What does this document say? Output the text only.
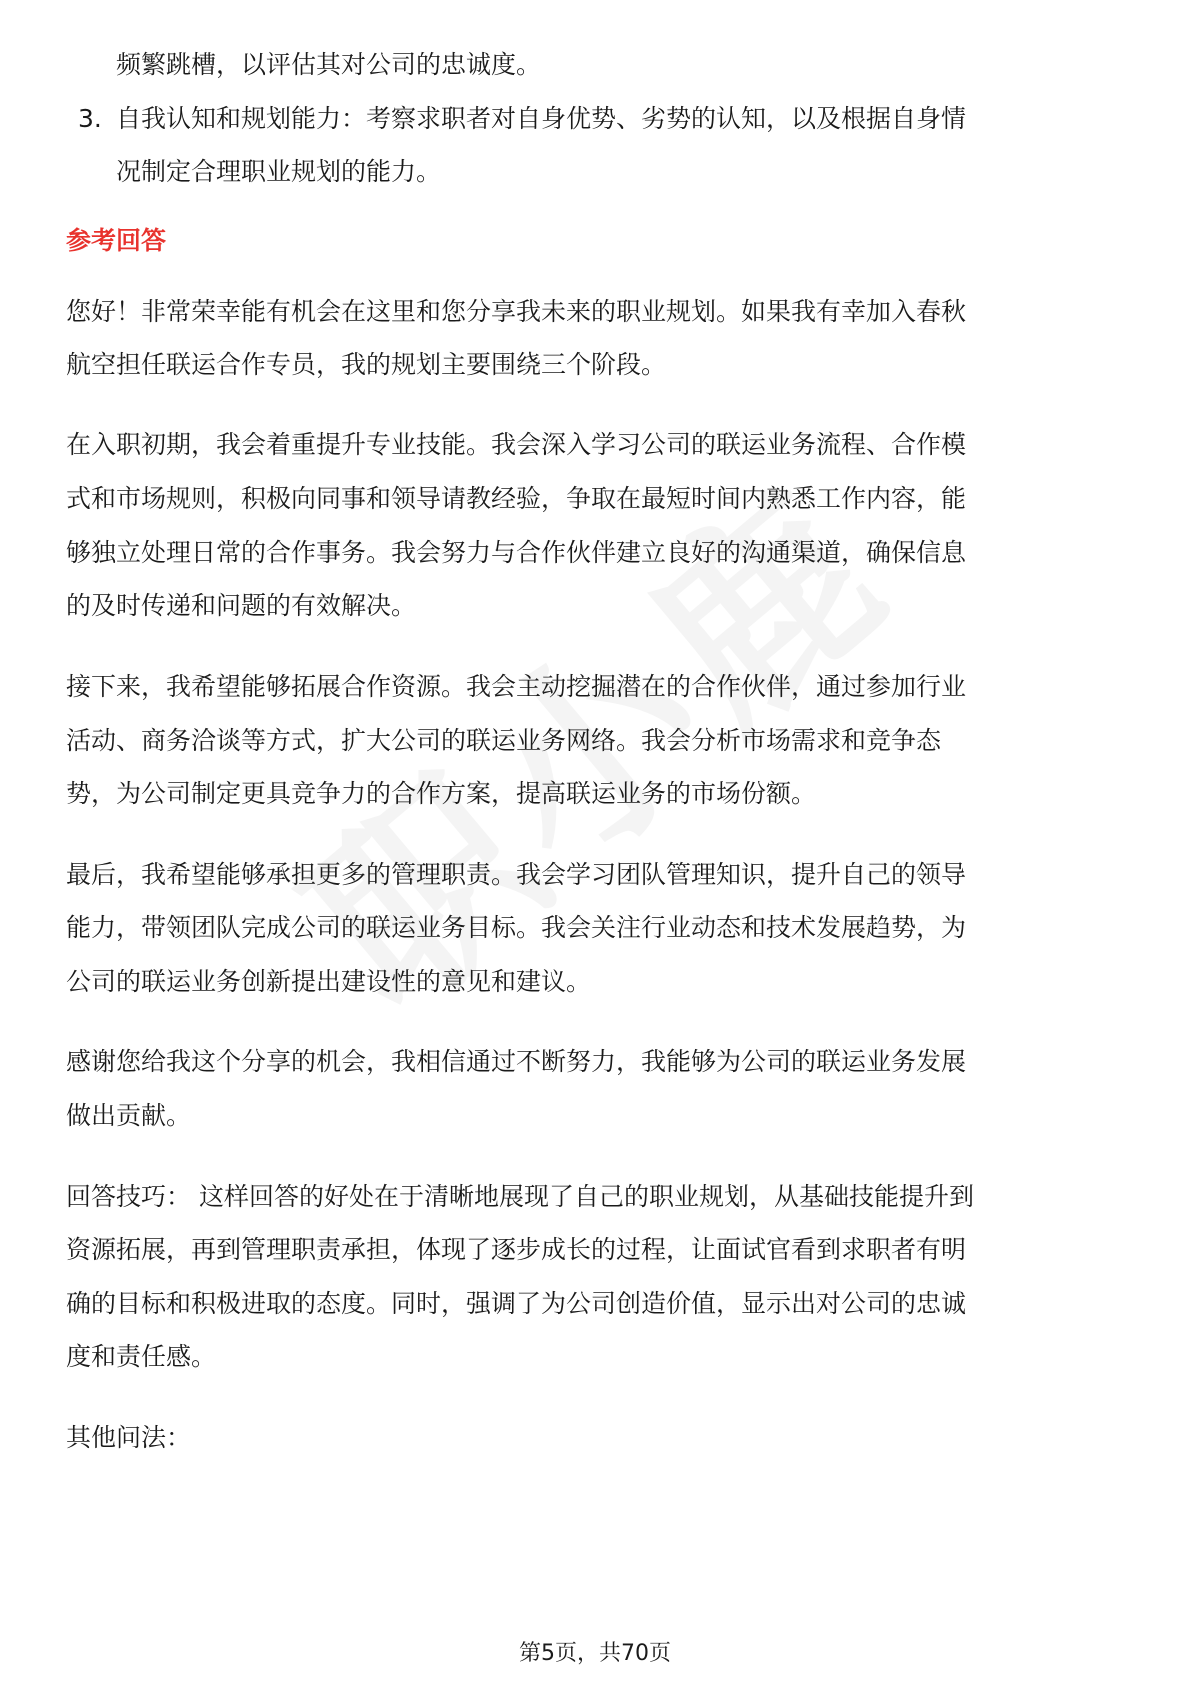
频繁跳槽，以评估其对公司的忠诚度。
3. 自我认知和规划能力：考察求职者对自身优势、劣势的认知，以及根据自身情
况制定合理职业规划的能力。
参考回答
您好！非常荣幸能有机会在这里和您分享我未来的职业规划。如果我有幸加入春秋
航空担任联运合作专员，我的规划主要围绕三个阶段。
在入职初期，我会着重提升专业技能。我会深入学习公司的联运业务流程、合作模
式和市场规则，积极向同事和领导请教经验，争取在最短时间内熟悉工作内容，能
够独立处理日常的合作事务。我会努力与合作伙伴建立良好的沟通渠道，确保信息
的及时传递和问题的有效解决。
接下来，我希望能够拓展合作资源。我会主动挖掘潜在的合作伙伴，通过参加行业
活动、商务洽谈等方式，扩大公司的联运业务网络。我会分析市场需求和竞争态
势，为公司制定更具竞争力的合作方案，提高联运业务的市场份额。
最后，我希望能够承担更多的管理职责。我会学习团队管理知识，提升自己的领导
能力，带领团队完成公司的联运业务目标。我会关注行业动态和技术发展趋势，为
公司的联运业务创新提出建设性的意见和建议。
感谢您给我这个分享的机会，我相信通过不断努力，我能够为公司的联运业务发展
做出贡献。
回答技巧： 这样回答的好处在于清晰地展现了自己的职业规划，从基础技能提升到
资源拓展，再到管理职责承担，体现了逐步成长的过程，让面试官看到求职者有明
确的目标和积极进取的态度。同时，强调了为公司创造价值，显示出对公司的忠诚
度和责任感。
其他问法：
第5页，共70页
